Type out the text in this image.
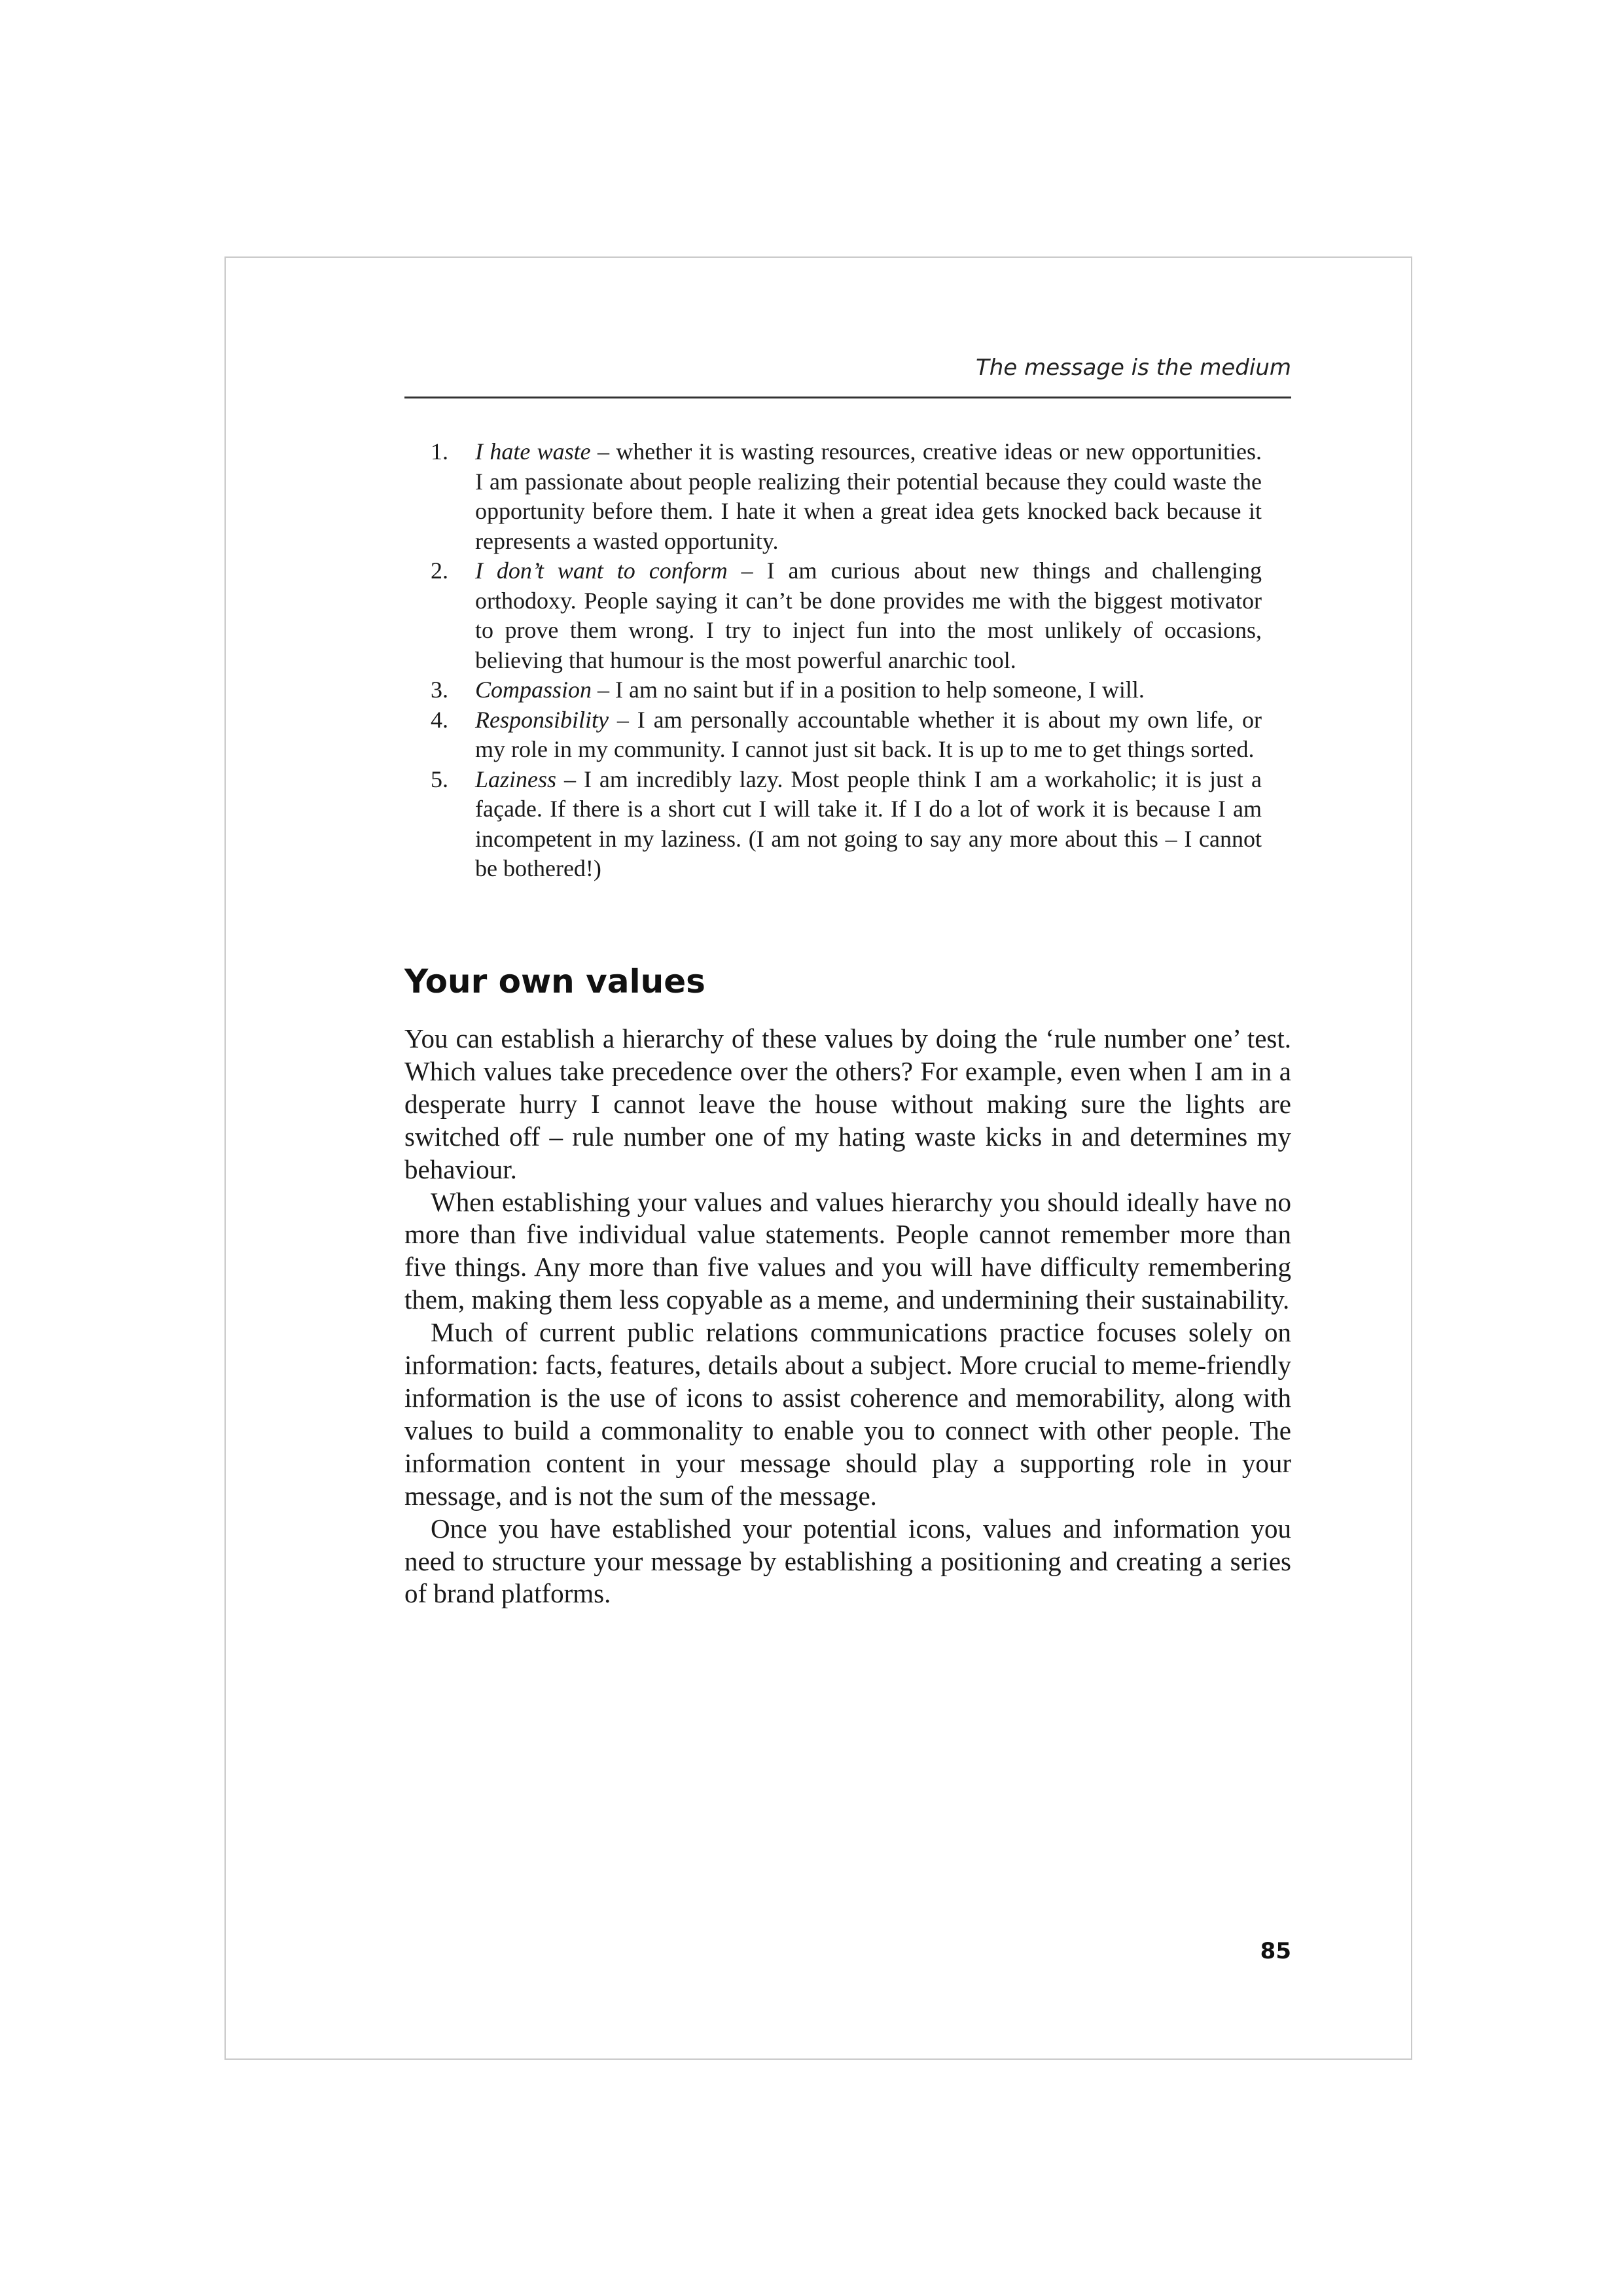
The message is the medium
1. I hate waste – whether it is wasting resources, creative ideas or new opportunities. I am passionate about people realizing their potential because they could waste the opportunity before them. I hate it when a great idea gets knocked back because it represents a wasted opportunity.
2. I don’t want to conform – I am curious about new things and challenging orthodoxy. People saying it can’t be done provides me with the biggest motivator to prove them wrong. I try to inject fun into the most unlikely of occasions, believing that humour is the most powerful anarchic tool.
3. Compassion – I am no saint but if in a position to help someone, I will.
4. Responsibility – I am personally accountable whether it is about my own life, or my role in my community. I cannot just sit back. It is up to me to get things sorted.
5. Laziness – I am incredibly lazy. Most people think I am a workaholic; it is just a façade. If there is a short cut I will take it. If I do a lot of work it is because I am incompetent in my laziness. (I am not going to say any more about this – I cannot be bothered!)
Your own values

You can establish a hierarchy of these values by doing the ‘rule number one’ test. Which values take precedence over the others? For example, even when I am in a desperate hurry I cannot leave the house without making sure the lights are switched off – rule number one of my hating waste kicks in and determines my behaviour.

When establishing your values and values hierarchy you should ideally have no more than five individual value statements. People cannot remember more than five things. Any more than five values and you will have difficulty remembering them, making them less copyable as a meme, and undermining their sustainability.

Much of current public relations communications practice focuses solely on information: facts, features, details about a subject. More crucial to meme-friendly information is the use of icons to assist coherence and memorability, along with values to build a commonality to enable you to connect with other people. The information content in your message should play a supporting role in your message, and is not the sum of the message.

Once you have established your potential icons, values and information you need to structure your message by establishing a positioning and creating a series of brand platforms.

85
